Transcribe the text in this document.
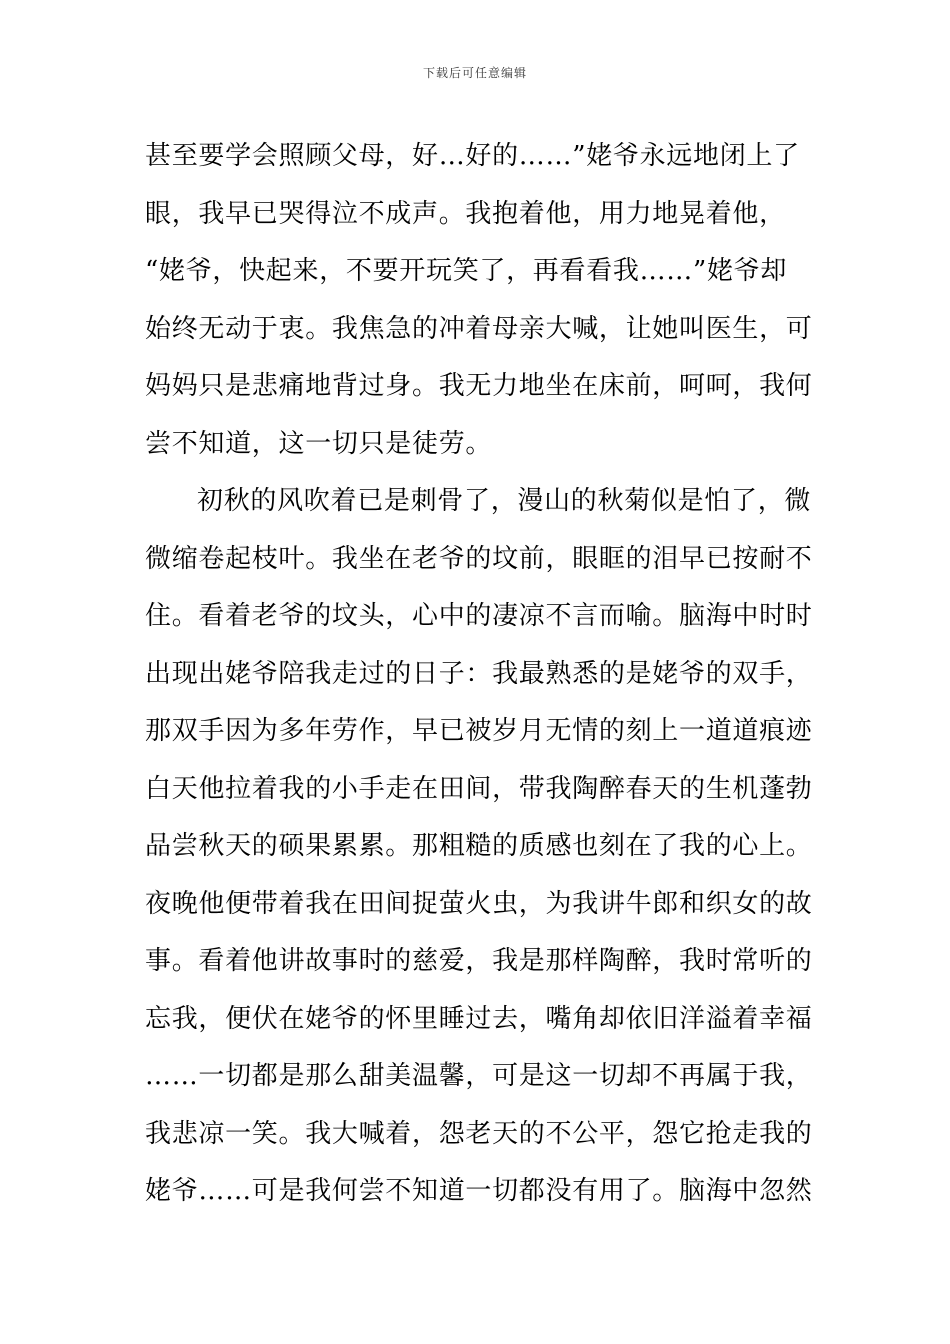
下载后可任意编辑
甚至要学会照顾父母，好…好的……”姥爷永远地闭上了
眼，我早已哭得泣不成声。我抱着他，用力地晃着他，
“姥爷，快起来，不要开玩笑了，再看看我……”姥爷却
始终无动于衷。我焦急的冲着母亲大喊，让她叫医生，可
妈妈只是悲痛地背过身。我无力地坐在床前，呵呵，我何
尝不知道，这一切只是徒劳。
初秋的风吹着已是刺骨了，漫山的秋菊似是怕了，微
微缩卷起枝叶。我坐在老爷的坟前，眼眶的泪早已按耐不
住。看着老爷的坟头，心中的凄凉不言而喻。脑海中时时
出现出姥爷陪我走过的日子：我最熟悉的是姥爷的双手，
那双手因为多年劳作，早已被岁月无情的刻上一道道痕迹
白天他拉着我的小手走在田间，带我陶醉春天的生机蓬勃
品尝秋天的硕果累累。那粗糙的质感也刻在了我的心上。
夜晚他便带着我在田间捉萤火虫，为我讲牛郎和织女的故
事。看着他讲故事时的慈爱，我是那样陶醉，我时常听的
忘我，便伏在姥爷的怀里睡过去，嘴角却依旧洋溢着幸福
……一切都是那么甜美温馨，可是这一切却不再属于我，
我悲凉一笑。我大喊着，怨老天的不公平，怨它抢走我的
姥爷……可是我何尝不知道一切都没有用了。脑海中忽然
